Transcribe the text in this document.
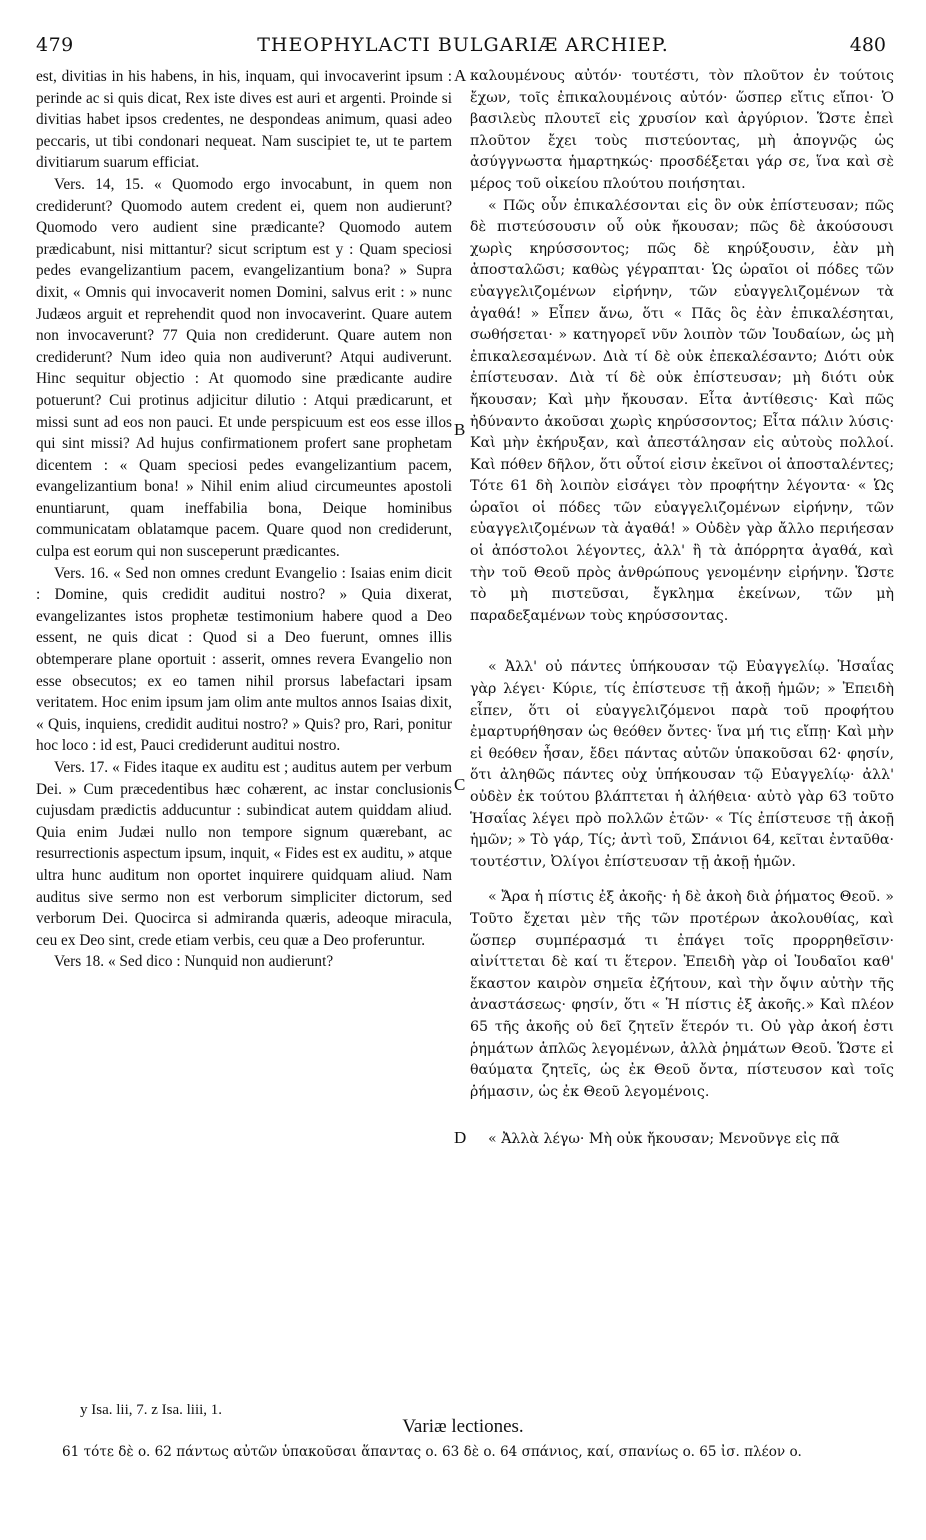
479	THEOPHYLACTI BULGARIÆ ARCHIEP.	480

est, divitias in his habens, in his, inquam, qui invocaverint ipsum : perinde ac si quis dicat, Rex iste dives est auri et argenti. Proinde si divitias habet ipsos credentes, ne despondeas animum, quasi adeo peccaris, ut tibi condonari nequeat. Nam suscipiet te, ut te partem divitiarum suarum efficiat.

Vers. 14, 15. « Quomodo ergo invocabunt, in quem non crediderunt? Quomodo autem credent ei, quem non audierunt? Quomodo vero audient sine prædicante? Quomodo autem prædicabunt, nisi mittantur? sicut scriptum est y : Quam speciosi pedes evangelizantium pacem, evangelizantium bona? » Supra dixit, « Omnis qui invocaverit nomen Domini, salvus erit : » nunc Judæos arguit et reprehendit quod non invocaverint. Quare autem non invocaverunt? 77 Quia non crediderunt. Quare autem non crediderunt? Num ideo quia non audiverunt? Atqui audiverunt. Hinc sequitur objectio : At quomodo sine prædicante audire potuerunt? Cui protinus adjicitur dilutio : Atqui prædicarunt, et missi sunt ad eos non pauci. Et unde perspicuum est eos esse illos qui sint missi? Ad hujus confirmationem profert sane prophetam dicentem : « Quam speciosi pedes evangelizantium pacem, evangelizantium bona! » Nihil enim aliud circumeuntes apostoli enuntiarunt, quam ineffabilia bona, Deique hominibus communicatam oblatamque pacem. Quare quod non crediderunt, culpa est eorum qui non susceperunt prædicantes.

Vers. 16. « Sed non omnes credunt Evangelio : Isaias enim dicit : Domine, quis credidit auditui nostro? » Quia dixerat, evangelizantes istos prophetæ testimonium habere quod a Deo essent, ne quis dicat : Quod si a Deo fuerunt, omnes illis obtemperare plane oportuit : asserit, omnes revera Evangelio non esse obsecutos; ex eo tamen nihil prorsus labefactari ipsam veritatem. Hoc enim ipsum jam olim ante multos annos Isaias dixit, « Quis, inquiens, credidit auditui nostro? » Quis? pro, Rari, ponitur hoc loco : id est, Pauci crediderunt auditui nostro.

Vers. 17. « Fides itaque ex auditu est ; auditus autem per verbum Dei. » Cum præcedentibus hæc cohærent, ac instar conclusionis cujusdam prædictis adducuntur : subindicat autem quiddam aliud. Quia enim Judæi nullo non tempore signum quærebant, ac resurrectionis aspectum ipsum, inquit, « Fides est ex auditu, » atque ultra hunc auditum non oportet inquirere quidquam aliud. Nam auditus sive sermo non est verborum simpliciter dictorum, sed verborum Dei. Quocirca si admiranda quæris, adeoque miracula, ceu ex Deo sint, crede etiam verbis, ceu quæ a Deo proferuntur.

Vers 18. « Sed dico : Nunquid non audierunt?

A
B
C
D

καλουμένους αὐτόν· τουτέστι, τὸν πλοῦτον ἐν τούτοις ἔχων, τοῖς ἐπικαλουμένοις αὐτόν· ὥσπερ εἴτις εἴποι· Ὁ βασιλεὺς πλουτεῖ εἰς χρυσίον καὶ ἀργύριον. Ὥστε ἐπεὶ πλοῦτον ἔχει τοὺς πιστεύοντας, μὴ ἀπογνῷς ὡς ἀσύγγνωστα ἡμαρτηκώς· προσδέξεται γάρ σε, ἵνα καὶ σὲ μέρος τοῦ οἰκείου πλούτου ποιήσηται.

« Πῶς οὖν ἐπικαλέσονται εἰς ὃν οὐκ ἐπίστευσαν; πῶς δὲ πιστεύσουσιν οὗ οὐκ ἤκουσαν; πῶς δὲ ἀκούσουσι χωρὶς κηρύσσοντος; πῶς δὲ κηρύξουσιν, ἐὰν μὴ ἀποσταλῶσι; καθὼς γέγραπται· Ὡς ὡραῖοι οἱ πόδες τῶν εὐαγγελιζομένων εἰρήνην, τῶν εὐαγγελιζομένων τὰ ἀγαθά! » Εἶπεν ἄνω, ὅτι « Πᾶς ὃς ἐὰν ἐπικαλέσηται, σωθήσεται· » κατηγορεῖ νῦν λοιπὸν τῶν Ἰουδαίων, ὡς μὴ ἐπικαλεσαμένων. Διὰ τί δὲ οὐκ ἐπεκαλέσαντο; Διότι οὐκ ἐπίστευσαν. Διὰ τί δὲ οὐκ ἐπίστευσαν; μὴ διότι οὐκ ἤκουσαν; Καὶ μὴν ἤκουσαν. Εἶτα ἀντίθεσις· Καὶ πῶς ἠδύναντο ἀκοῦσαι χωρὶς κηρύσσοντος; Εἶτα πάλιν λύσις· Καὶ μὴν ἐκήρυξαν, καὶ ἀπεστάλησαν εἰς αὐτοὺς πολλοί. Καὶ πόθεν δῆλον, ὅτι οὗτοί εἰσιν ἐκεῖνοι οἱ ἀποσταλέντες; Τότε 61 δὴ λοιπὸν εἰσάγει τὸν προφήτην λέγοντα· « Ὡς ὡραῖοι οἱ πόδες τῶν εὐαγγελιζομένων εἰρήνην, τῶν εὐαγγελιζομένων τὰ ἀγαθά! » Οὐδὲν γὰρ ἄλλο περιήεσαν οἱ ἀπόστολοι λέγοντες, ἀλλ' ἢ τὰ ἀπόρρητα ἀγαθά, καὶ τὴν τοῦ Θεοῦ πρὸς ἀνθρώπους γενομένην εἰρήνην. Ὥστε τὸ μὴ πιστεῦσαι, ἔγκλημα ἐκείνων, τῶν μὴ παραδεξαμένων τοὺς κηρύσσοντας.

« Ἀλλ' οὐ πάντες ὑπήκουσαν τῷ Εὐαγγελίῳ. Ἡσαΐας γὰρ λέγει· Κύριε, τίς ἐπίστευσε τῇ ἀκοῇ ἡμῶν; » Ἐπειδὴ εἶπεν, ὅτι οἱ εὐαγγελιζόμενοι παρὰ τοῦ προφήτου ἐμαρτυρήθησαν ὡς θεόθεν ὄντες· ἵνα μή τις εἴπῃ· Καὶ μὴν εἰ θεόθεν ἦσαν, ἔδει πάντας αὐτῶν ὑπακοῦσαι 62· φησίν, ὅτι ἀληθῶς πάντες οὐχ ὑπήκουσαν τῷ Εὐαγγελίῳ· ἀλλ' οὐδὲν ἐκ τούτου βλάπτεται ἡ ἀλήθεια· αὐτὸ γὰρ 63 τοῦτο Ἡσαΐας λέγει πρὸ πολλῶν ἐτῶν· « Τίς ἐπίστευσε τῇ ἀκοῇ ἡμῶν; » Τὸ γάρ, Τίς; ἀντὶ τοῦ, Σπάνιοι 64, κεῖται ἐνταῦθα· τουτέστιν, Ὀλίγοι ἐπίστευσαν τῇ ἀκοῇ ἡμῶν.

« Ἄρα ἡ πίστις ἐξ ἀκοῆς· ἡ δὲ ἀκοὴ διὰ ῥήματος Θεοῦ. » Τοῦτο ἔχεται μὲν τῆς τῶν προτέρων ἀκολουθίας, καὶ ὥσπερ συμπέρασμά τι ἐπάγει τοῖς προρρηθεῖσιν· αἰνίττεται δὲ καί τι ἕτερον. Ἐπειδὴ γὰρ οἱ Ἰουδαῖοι καθ' ἕκαστον καιρὸν σημεῖα ἐζήτουν, καὶ τὴν ὄψιν αὐτὴν τῆς ἀναστάσεως· φησίν, ὅτι « Ἡ πίστις ἐξ ἀκοῆς.» Καὶ πλέον 65 τῆς ἀκοῆς οὐ δεῖ ζητεῖν ἕτερόν τι. Οὐ γὰρ ἀκοή ἐστι ῥημάτων ἁπλῶς λεγομένων, ἀλλὰ ῥημάτων Θεοῦ. Ὥστε εἰ θαύματα ζητεῖς, ὡς ἐκ Θεοῦ ὄντα, πίστευσον καὶ τοῖς ῥήμασιν, ὡς ἐκ Θεοῦ λεγομένοις.

« Ἀλλὰ λέγω· Μὴ οὐκ ἤκουσαν; Μενοῦνγε εἰς πᾶ

y Isa. lii, 7. z Isa. liii, 1.
Variæ lectiones.
61 τότε δὲ o. 62 πάντως αὐτῶν ὑπακοῦσαι ἅπαντας o. 63 δὲ o. 64 σπάνιος, καί, σπανίως o. 65 ἰσ. πλέον o.
